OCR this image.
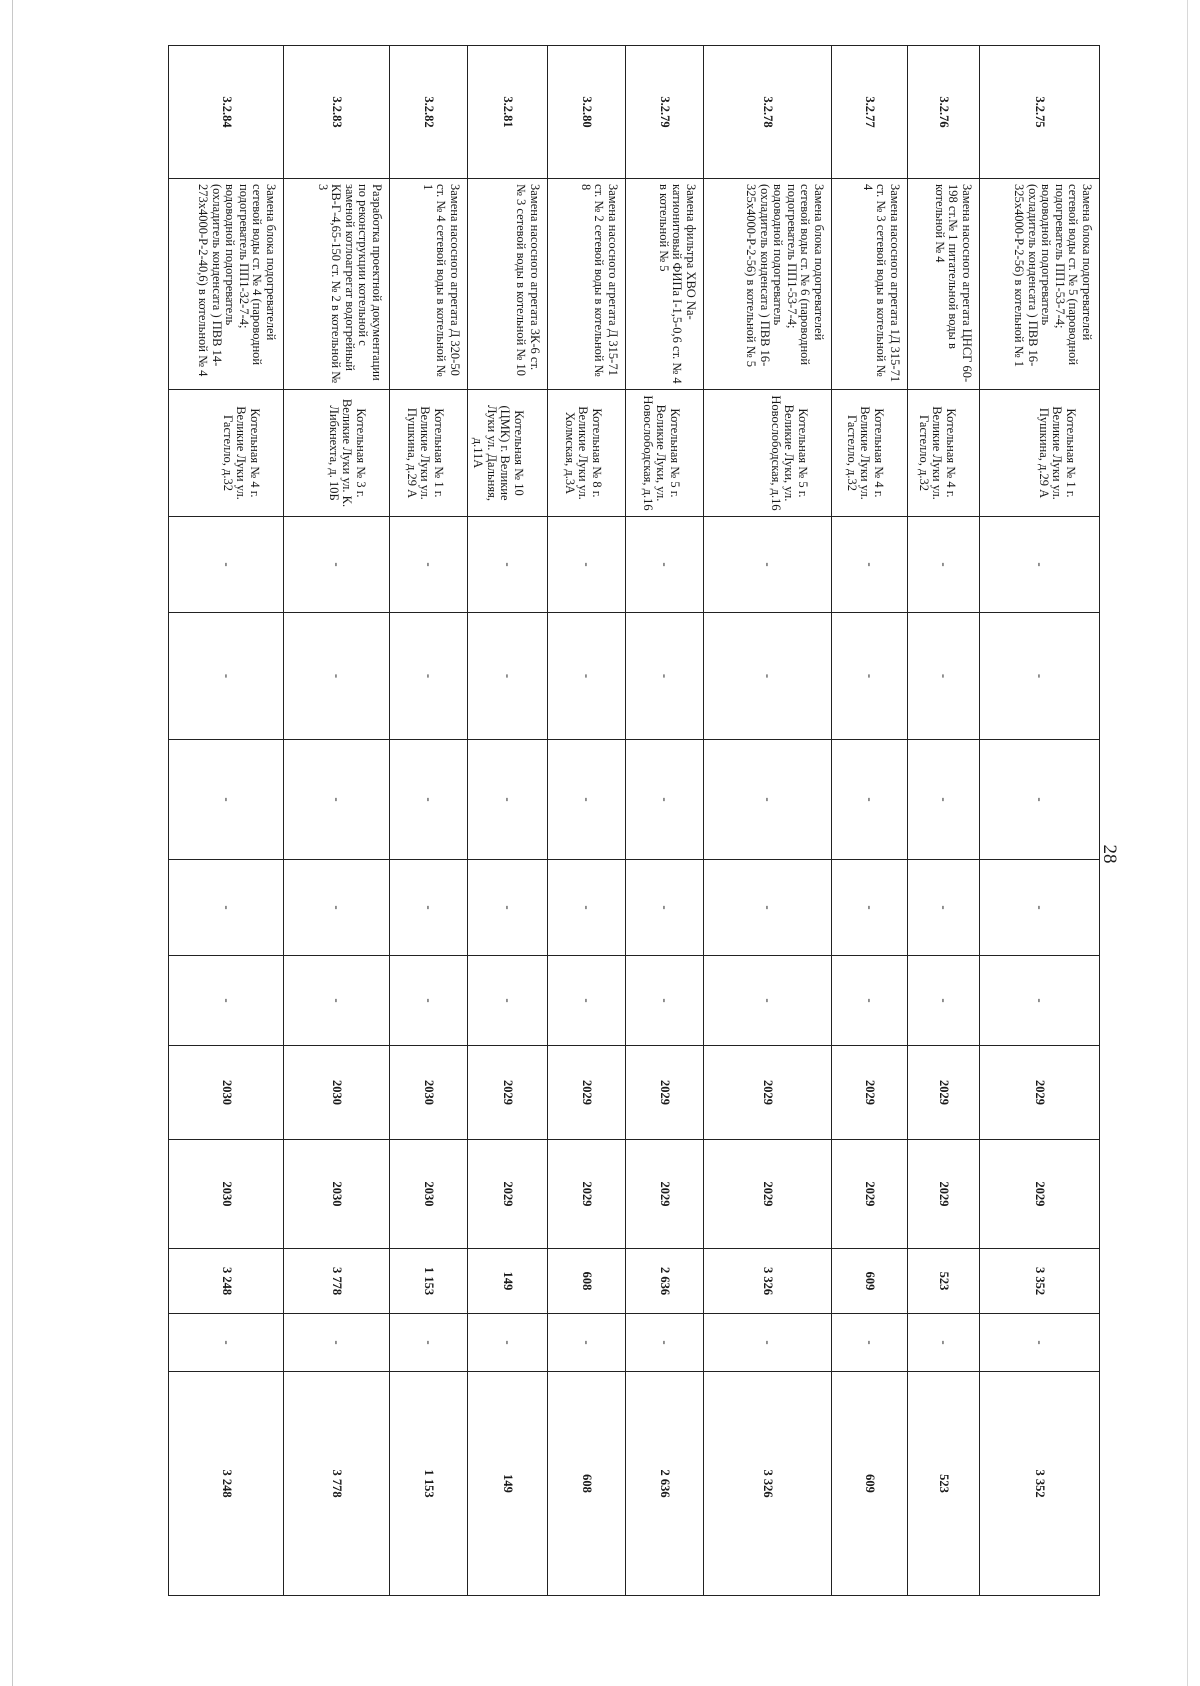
28
3.2.75	Замена блока подогревателей сетевой воды ст. № 5 (пароводной подогреватель ПП1-53-7-4; водоводной подогреватель (охладитель конденсата ) ПВВ 16-325х4000-Р-2-56) в котельной № 1	Котельная № 1 г. Великие Луки ул. Пушкина, д.29 А	-	-	-	-	-	2029	2029	3 352	-	3 352
3.2.76	Замена насосного агрегата ЦНСГ 60-198 ст.№ 1 питательной воды в котельной № 4	Котельная № 4 г. Великие Луки ул. Гастелло, д.32	-	-	-	-	-	2029	2029	523	-	523
3.2.77	Замена насосного агрегата 1Д 315-71 ст. № 3 сетевой воды в котельной № 4	Котельная № 4 г. Великие Луки ул. Гастелло, д.32	-	-	-	-	-	2029	2029	609	-	609
3.2.78	Замена блока подогревателей сетевой воды ст. № 6 (пароводной подогреватель ПП1-53-7-4; водоводной подогреватель (охладитель конденсата ) ПВВ 16-325х4000-Р-2-56) в котельной № 5	Котельная № 5 г. Великие Луки, ул. Новослободская, д.16	-	-	-	-	-	2029	2029	3 326	-	3 326
3.2.79	Замена фильтра ХВО Na-катионитовый ФИПа I-1,5-0,6 ст. № 4 в котельной № 5	Котельная № 5 г. Великие Луки, ул. Новослободская, д.16	-	-	-	-	-	2029	2029	2 636	-	2 636
3.2.80	Замена насосного агрегата Д 315-71 ст. № 2 сетевой воды в котельной № 8	Котельная № 8 г. Великие Луки ул. Холмская, д.3А	-	-	-	-	-	2029	2029	608	-	608
3.2.81	Замена насосного агрегата 3К-6 ст. № 3 сетевой воды в котельной № 10	Котельная № 10 (ЦМК) г. Великие Луки ул. Дальняя, д.11А	-	-	-	-	-	2029	2029	149	-	149
3.2.82	Замена насосного агрегата Д 320-50 ст. № 4 сетевой воды в котельной № 1	Котельная № 1 г. Великие Луки ул. Пушкина, д.29 А	-	-	-	-	-	2030	2030	1 153	-	1 153
3.2.83	Разработка проектной документации по реконструкции котельной с заменой котлоагрегат водогрейный КВ-Г-4,65-150 ст. № 2 в котельной № 3	Котельная № 3 г. Великие Луки ул. К. Либкнехта, д. 10Б	-	-	-	-	-	2030	2030	3 778	-	3 778
3.2.84	Замена блока подогревателей сетевой воды ст. № 4 (пароводной подогреватель ПП1-32-7-4; водоводной подогреватель (охладитель конденсата ) ПВВ 14- 273х4000-Р-2-40,6) в котельной № 4	Котельная № 4 г. Великие Луки ул. Гастелло, д.32	-	-	-	-	-	2030	2030	3 248	-	3 248
